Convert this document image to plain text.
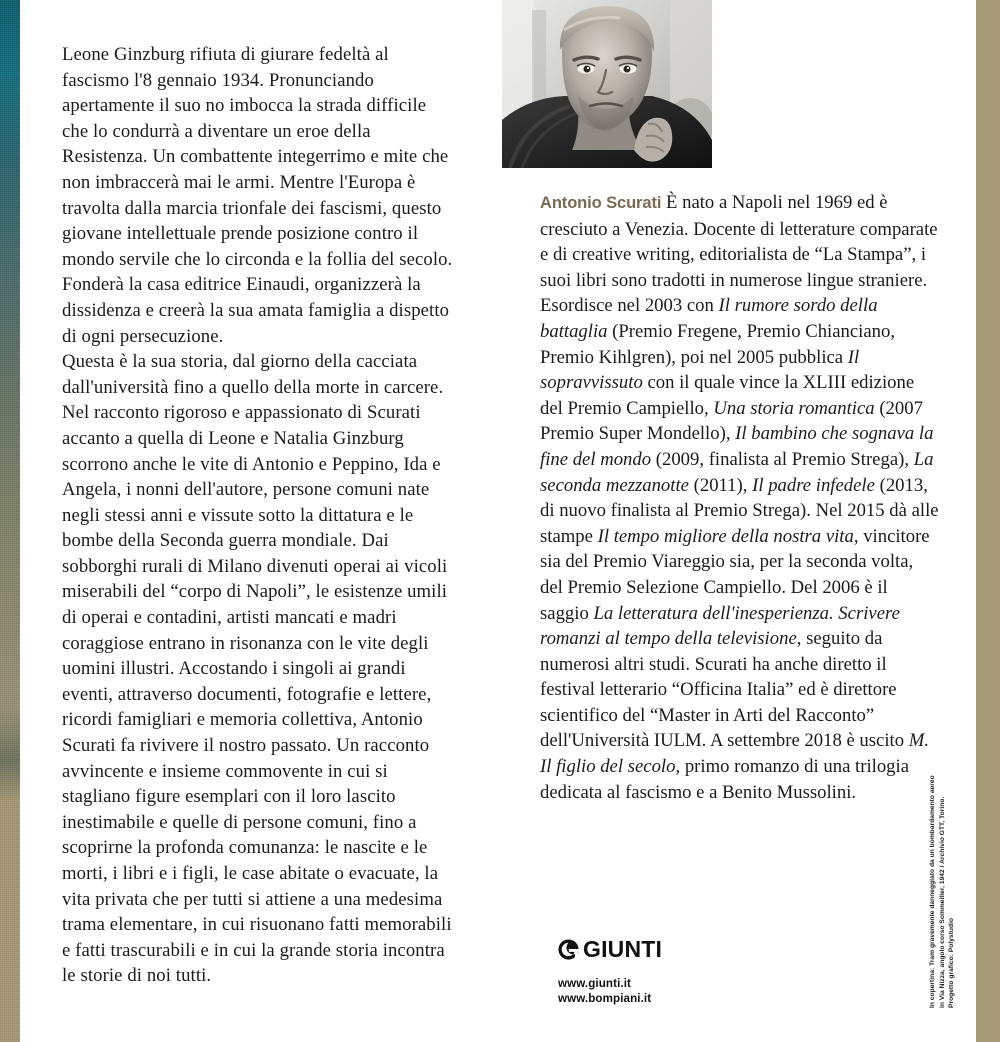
Leone Ginzburg rifiuta di giurare fedeltà al fascismo l'8 gennaio 1934. Pronunciando apertamente il suo no imbocca la strada difficile che lo condurrà a diventare un eroe della Resistenza. Un combattente integerrimo e mite che non imbraccerà mai le armi. Mentre l'Europa è travolta dalla marcia trionfale dei fascismi, questo giovane intellettuale prende posizione contro il mondo servile che lo circonda e la follia del secolo. Fonderà la casa editrice Einaudi, organizzerà la dissidenza e creerà la sua amata famiglia a dispetto di ogni persecuzione.

Questa è la sua storia, dal giorno della cacciata dall'università fino a quello della morte in carcere. Nel racconto rigoroso e appassionato di Scurati accanto a quella di Leone e Natalia Ginzburg scorrono anche le vite di Antonio e Peppino, Ida e Angela, i nonni dell'autore, persone comuni nate negli stessi anni e vissute sotto la dittatura e le bombe della Seconda guerra mondiale. Dai sobborghi rurali di Milano divenuti operai ai vicoli miserabili del “corpo di Napoli”, le esistenze umili di operai e contadini, artisti mancati e madri coraggiose entrano in risonanza con le vite degli uomini illustri. Accostando i singoli ai grandi eventi, attraverso documenti, fotografie e lettere, ricordi famigliari e memoria collettiva, Antonio Scurati fa rivivere il nostro passato. Un racconto avvincente e insieme commovente in cui si stagliano figure esemplari con il loro lascito inestimabile e quelle di persone comuni, fino a scoprirne la profonda comunanza: le nascite e le morti, i libri e i figli, le case abitate o evacuate, la vita privata che per tutti si attiene a una medesima trama elementare, in cui risuonano fatti memorabili e fatti trascurabili e in cui la grande storia incontra le storie di noi tutti.

Antonio Scurati È nato a Napoli nel 1969 ed è cresciuto a Venezia. Docente di letterature comparate e di creative writing, editorialista de “La Stampa”, i suoi libri sono tradotti in numerose lingue straniere. Esordisce nel 2003 con Il rumore sordo della battaglia (Premio Fregene, Premio Chianciano, Premio Kihlgren), poi nel 2005 pubblica Il sopravvissuto con il quale vince la XLIII edizione del Premio Campiello, Una storia romantica (2007 Premio Super Mondello), Il bambino che sognava la fine del mondo (2009, finalista al Premio Strega), La seconda mezzanotte (2011), Il padre infedele (2013, di nuovo finalista al Premio Strega). Nel 2015 dà alle stampe Il tempo migliore della nostra vita, vincitore sia del Premio Viareggio sia, per la seconda volta, del Premio Selezione Campiello. Del 2006 è il saggio La letteratura dell'inesperienza. Scrivere romanzi al tempo della televisione, seguito da numerosi altri studi. Scurati ha anche diretto il festival letterario “Officina Italia” ed è direttore scientifico del “Master in Arti del Racconto” dell'Università IULM. A settembre 2018 è uscito M. Il figlio del secolo, primo romanzo di una trilogia dedicata al fascismo e a Benito Mussolini.

GIUNTI
www.giunti.it
www.bompiani.it	In copertina: Tram gravemente danneggiato da un bombardamento aereo in Via Nizza, angolo corso Sommeiller, 1942 / Archivio GTT, Torino. Progetto grafico: Polystudio
